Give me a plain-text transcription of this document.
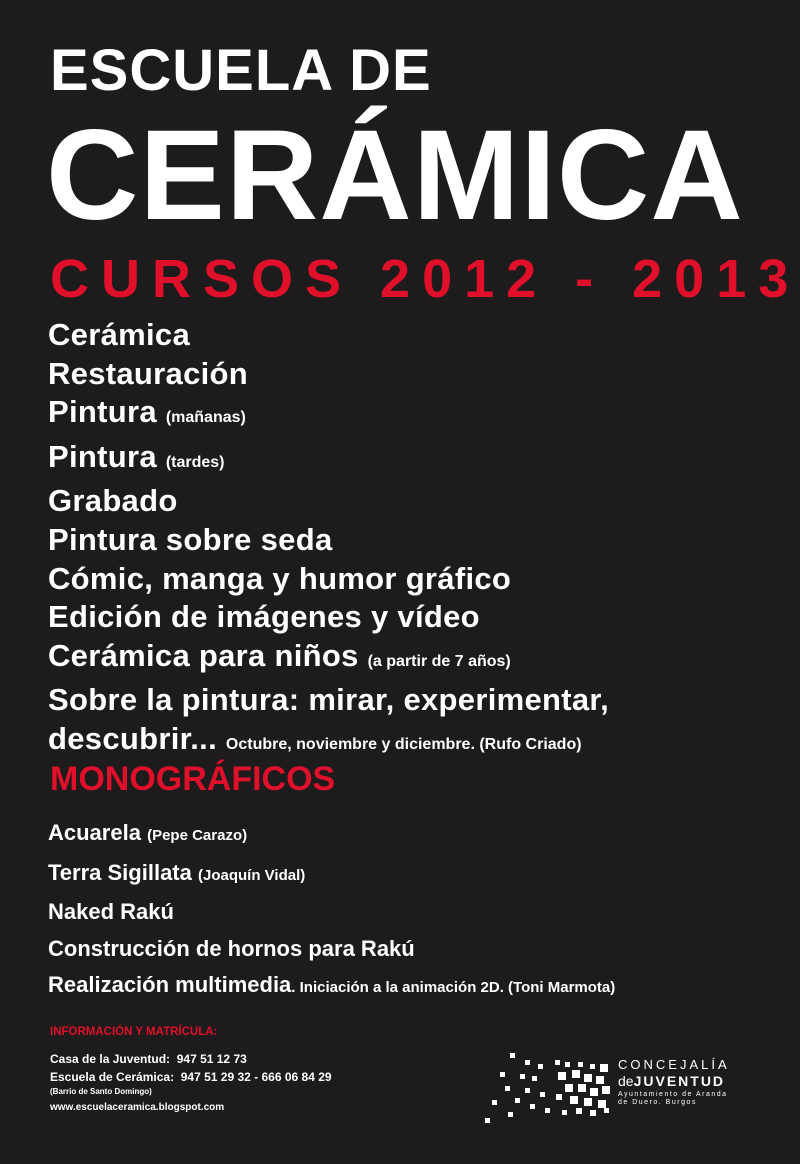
ESCUELA DE
CERÁMICA
CURSOS 2012 - 2013
Cerámica
Restauración
Pintura (mañanas)
Pintura (tardes)
Grabado
Pintura sobre seda
Cómic, manga y humor gráfico
Edición de imágenes y vídeo
Cerámica para niños (a partir de 7 años)
Sobre la pintura: mirar, experimentar,
descubrir... Octubre, noviembre y diciembre. (Rufo Criado)
MONOGRÁFICOS
Acuarela (Pepe Carazo)
Terra Sigillata (Joaquín Vidal)
Naked Rakú
Construcción de hornos para Rakú
Realización multimedia. Iniciación a la animación 2D. (Toni Marmota)
INFORMACIÓN Y MATRÍCULA:
Casa de la Juventud: 947 51 12 73
Escuela de Cerámica: 947 51 29 32 - 666 06 84 29
(Barrio de Santo Domingo)
www.escuelaceramica.blogspot.com
CONCEJALÍA
deJUVENTUD
Ayuntamiento de Aranda
de Duero. Burgos
